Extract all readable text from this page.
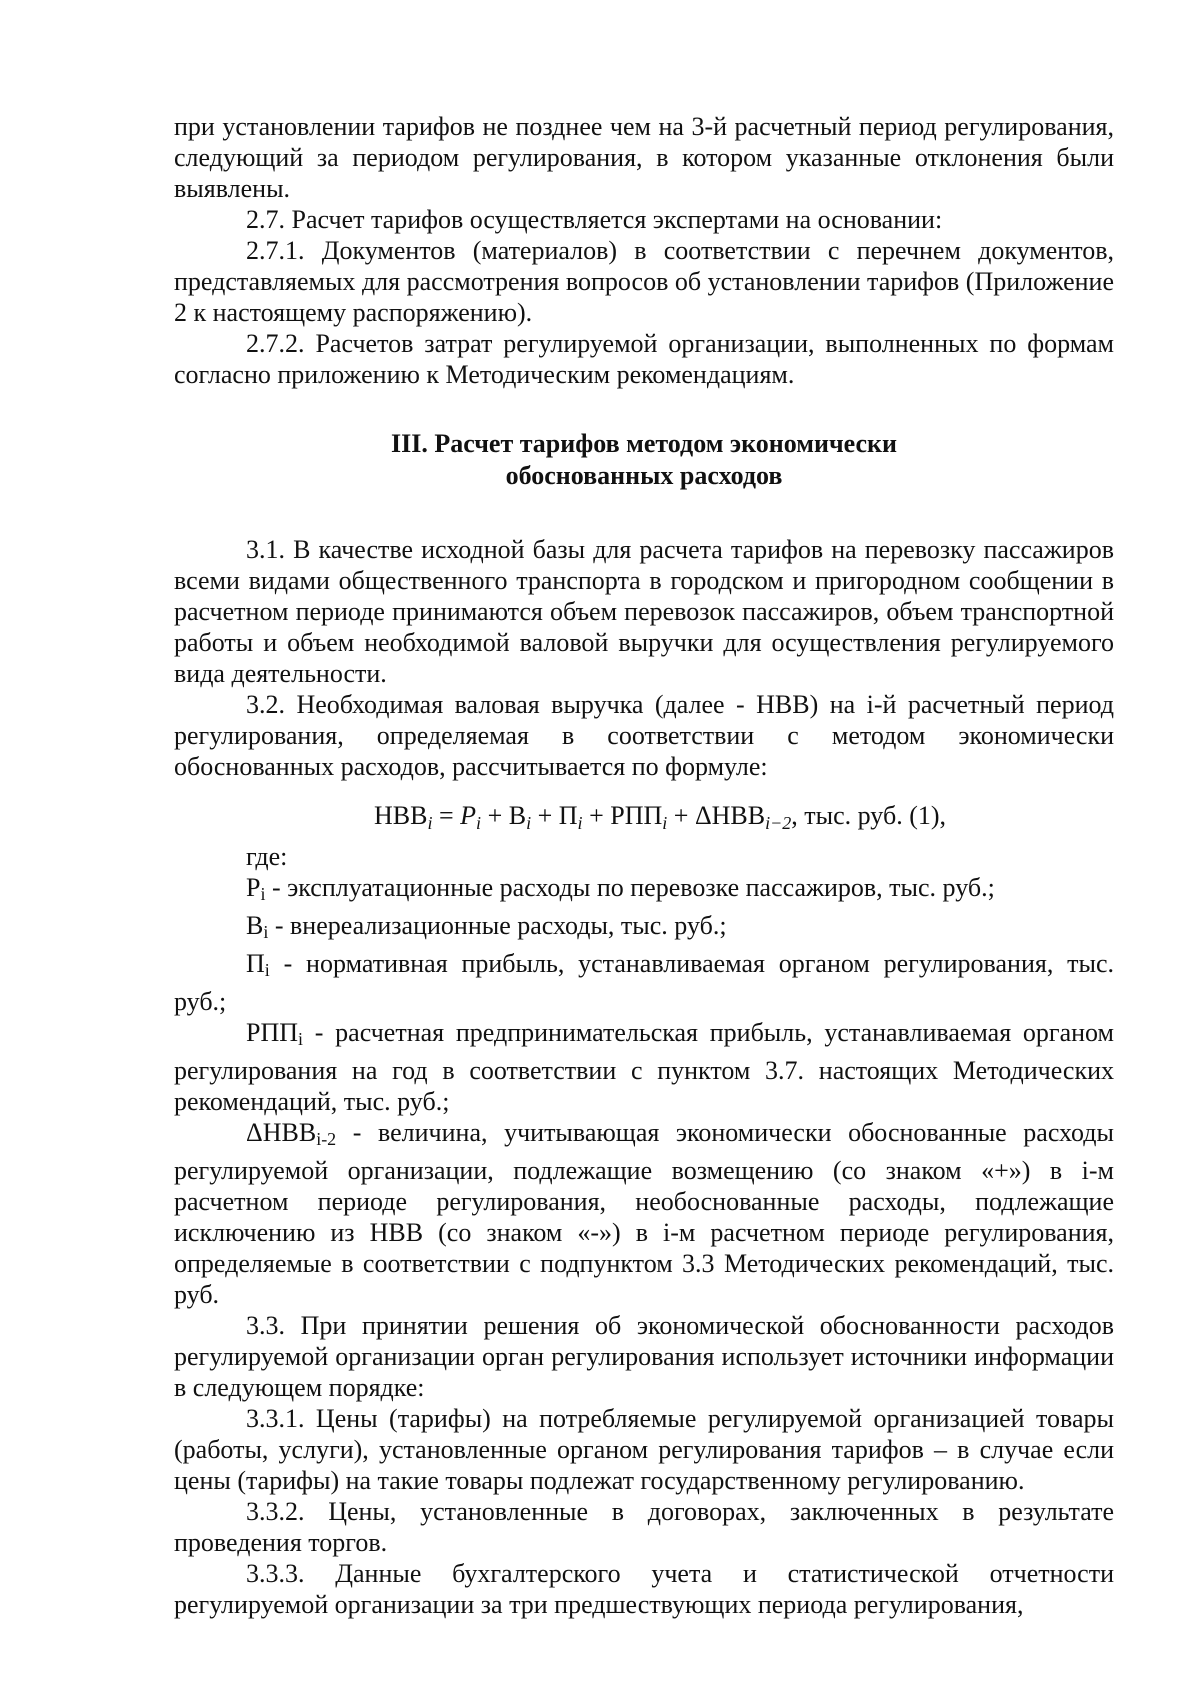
при установлении тарифов не позднее чем на 3-й расчетный период регулирования, следующий за периодом регулирования, в котором указанные отклонения были выявлены.

2.7. Расчет тарифов осуществляется экспертами на основании:

2.7.1. Документов (материалов) в соответствии с перечнем документов, представляемых для рассмотрения вопросов об установлении тарифов (Приложение 2 к настоящему распоряжению).

2.7.2. Расчетов затрат регулируемой организации, выполненных по формам согласно приложению к Методическим рекомендациям.

III. Расчет тарифов методом экономически
обоснованных расходов

3.1. В качестве исходной базы для расчета тарифов на перевозку пассажиров всеми видами общественного транспорта в городском и пригородном сообщении в расчетном периоде принимаются объем перевозок пассажиров, объем транспортной работы и объем необходимой валовой выручки для осуществления регулируемого вида деятельности.

3.2. Необходимая валовая выручка (далее - НВВ) на i-й расчетный период регулирования, определяемая в соответствии с методом экономически обоснованных расходов, рассчитывается по формуле:

$НВВ_i = P_i + В_i + П_i + РПП_i + \Delta НВВ_{i-2}$, тыс. руб. (1),

где:

Pi - эксплуатационные расходы по перевозке пассажиров, тыс. руб.;

Вi - внереализационные расходы, тыс. руб.;

Пi - нормативная прибыль, устанавливаемая органом регулирования, тыс. руб.;

РППi - расчетная предпринимательская прибыль, устанавливаемая органом регулирования на год в соответствии с пунктом 3.7. настоящих Методических рекомендаций, тыс. руб.;

ΔНВВi-2 - величина, учитывающая экономически обоснованные расходы регулируемой организации, подлежащие возмещению (со знаком «+») в i-м расчетном периоде регулирования, необоснованные расходы, подлежащие исключению из НВВ (со знаком «-») в i-м расчетном периоде регулирования, определяемые в соответствии с подпунктом 3.3 Методических рекомендаций, тыс. руб.

3.3. При принятии решения об экономической обоснованности расходов регулируемой организации орган регулирования использует источники информации в следующем порядке:

3.3.1. Цены (тарифы) на потребляемые регулируемой организацией товары (работы, услуги), установленные органом регулирования тарифов – в случае если цены (тарифы) на такие товары подлежат государственному регулированию.

3.3.2. Цены, установленные в договорах, заключенных в результате проведения торгов.

3.3.3. Данные бухгалтерского учета и статистической отчетности регулируемой организации за три предшествующих периода регулирования,
